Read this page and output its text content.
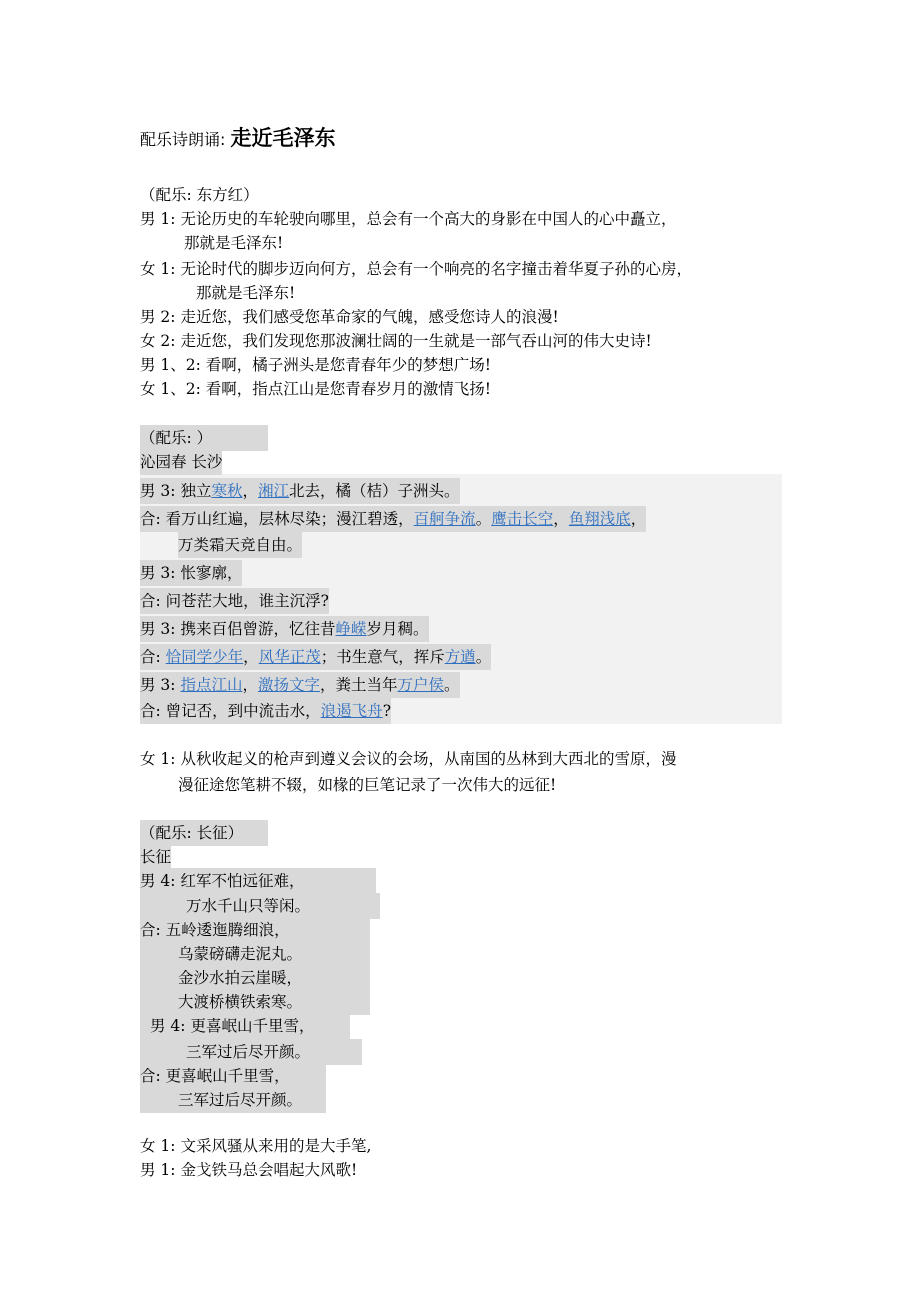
配乐诗朗诵: 走近毛泽东
（配乐: 东方红）
男 1: 无论历史的车轮驶向哪里，总会有一个高大的身影在中国人的心中矗立，
那就是毛泽东!
女 1: 无论时代的脚步迈向何方，总会有一个响亮的名字撞击着华夏子孙的心房，
那就是毛泽东!
男 2: 走近您，我们感受您革命家的气魄，感受您诗人的浪漫!
女 2: 走近您，我们发现您那波澜壮阔的一生就是一部气吞山河的伟大史诗!
男 1、2: 看啊，橘子洲头是您青春年少的梦想广场!
女 1、2: 看啊，指点江山是您青春岁月的激情飞扬!
（配乐: ）
沁园春 长沙
男 3: 独立寒秋，湘江北去，橘（桔）子洲头。
合: 看万山红遍，层林尽染；漫江碧透，百舸争流。鹰击长空，鱼翔浅底，
万类霜天竞自由。
男 3: 怅寥廓，
合: 问苍茫大地，谁主沉浮?
男 3: 携来百侣曾游，忆往昔峥嵘岁月稠。
合: 恰同学少年，风华正茂；书生意气，挥斥方遒。
男 3: 指点江山，激扬文字，粪土当年万户侯。
合: 曾记否，到中流击水，浪遏飞舟?
女 1: 从秋收起义的枪声到遵义会议的会场，从南国的丛林到大西北的雪原，漫
漫征途您笔耕不辍，如椽的巨笔记录了一次伟大的远征!
（配乐: 长征）
长征
男 4: 红军不怕远征难，
万水千山只等闲。
合: 五岭逶迤腾细浪，
乌蒙磅礴走泥丸。
金沙水拍云崖暖，
大渡桥横铁索寒。
男 4: 更喜岷山千里雪，
三军过后尽开颜。
合: 更喜岷山千里雪，
三军过后尽开颜。
女 1: 文采风骚从来用的是大手笔,
男 1: 金戈铁马总会唱起大风歌!
